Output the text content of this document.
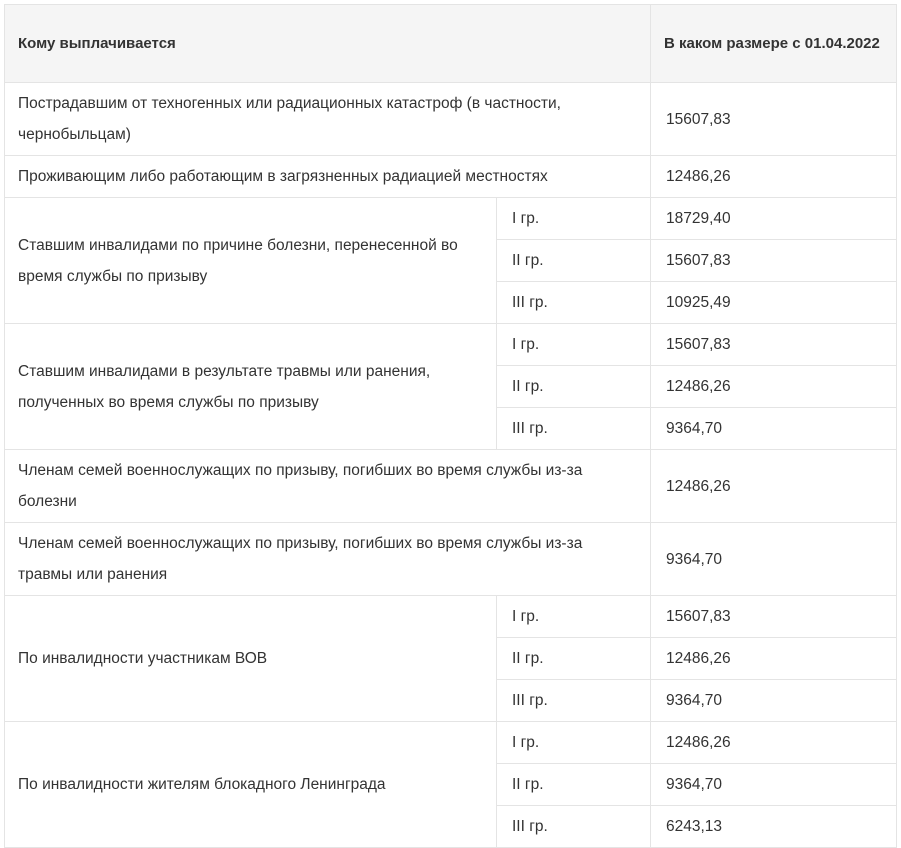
Кому выплачивается		В каком размере с 01.04.2022
Пострадавшим от техногенных или радиационных катастроф (в частности, чернобыльцам)		15607,83
Проживающим либо работающим в загрязненных радиацией местностях		12486,26
Ставшим инвалидами по причине болезни, перенесенной во время службы по призыву	I гр.	18729,40
	II гр.	15607,83
	III гр.	10925,49
Ставшим инвалидами в результате травмы или ранения, полученных во время службы по призыву	I гр.	15607,83
	II гр.	12486,26
	III гр.	9364,70
Членам семей военнослужащих по призыву, погибших во время службы из-за болезни		12486,26
Членам семей военнослужащих по призыву, погибших во время службы из-за травмы или ранения		9364,70
По инвалидности участникам ВОВ	I гр.	15607,83
	II гр.	12486,26
	III гр.	9364,70
По инвалидности жителям блокадного Ленинграда	I гр.	12486,26
	II гр.	9364,70
	III гр.	6243,13
